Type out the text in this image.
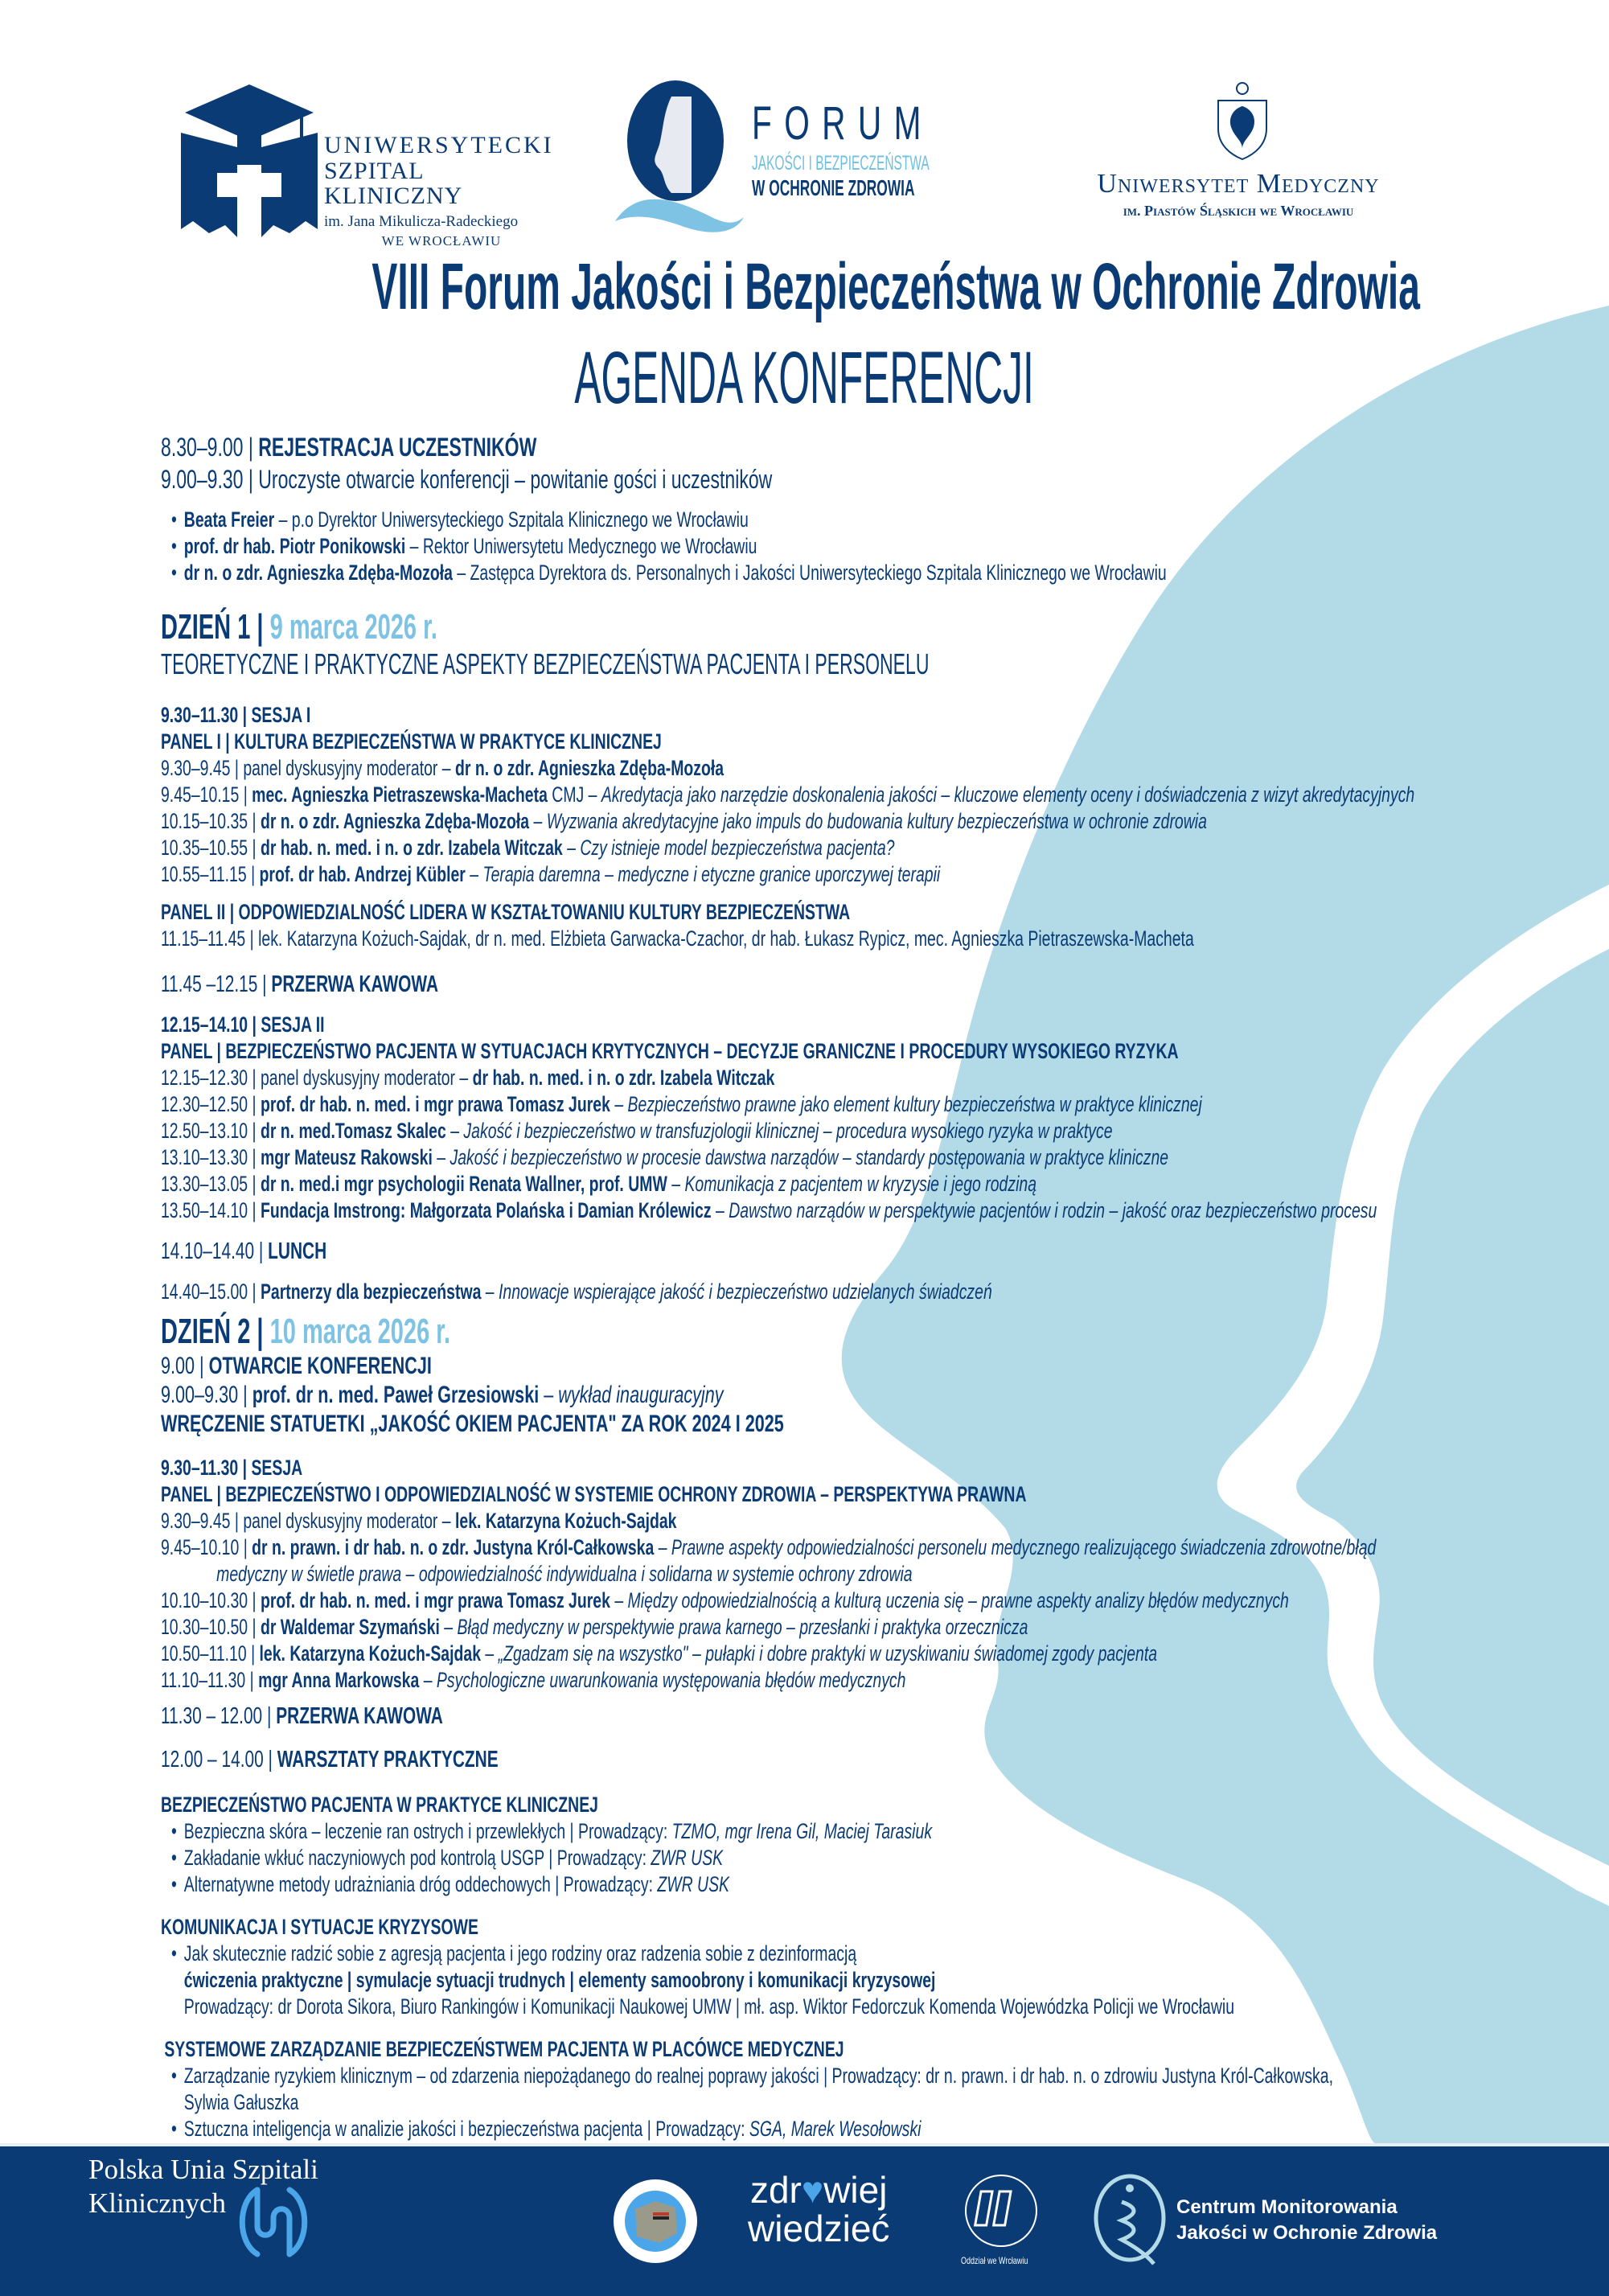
UNIWERSYTECKI
SZPITAL KLINICZNY
im. Jana Mikulicza-Radeckiego
WE WROCŁAWIU
FORUM
JAKOŚCI I BEZPIECZEŃSTWA
W OCHRONIE ZDROWIA	Uniwersytet Medyczny
im. Piastów Śląskich we Wrocławiu
VIII Forum Jakości i Bezpieczeństwa w Ochronie Zdrowia
AGENDA KONFERENCJI
8.30–9.00 | REJESTRACJA UCZESTNIKÓW
9.00–9.30 | Uroczyste otwarcie konferencji – powitanie gości i uczestników
• Beata Freier – p.o Dyrektor Uniwersyteckiego Szpitala Klinicznego we Wrocławiu
• prof. dr hab. Piotr Ponikowski – Rektor Uniwersytetu Medycznego we Wrocławiu
• dr n. o zdr. Agnieszka Zdęba-Mozoła – Zastępca Dyrektora ds. Personalnych i Jakości Uniwersyteckiego Szpitala Klinicznego we Wrocławiu
DZIEŃ 1 | 9 marca 2026 r.
TEORETYCZNE I PRAKTYCZNE ASPEKTY BEZPIECZEŃSTWA PACJENTA I PERSONELU
9.30–11.30 | SESJA I
PANEL I | KULTURA BEZPIECZEŃSTWA W PRAKTYCE KLINICZNEJ
9.30–9.45 | panel dyskusyjny moderator – dr n. o zdr. Agnieszka Zdęba-Mozoła
9.45–10.15 | mec. Agnieszka Pietraszewska-Macheta CMJ – Akredytacja jako narzędzie doskonalenia jakości – kluczowe elementy oceny i doświadczenia z wizyt akredytacyjnych
10.15–10.35 | dr n. o zdr. Agnieszka Zdęba-Mozoła – Wyzwania akredytacyjne jako impuls do budowania kultury bezpieczeństwa w ochronie zdrowia
10.35–10.55 | dr hab. n. med. i n. o zdr. Izabela Witczak – Czy istnieje model bezpieczeństwa pacjenta?
10.55–11.15 | prof. dr hab. Andrzej Kübler – Terapia daremna – medyczne i etyczne granice uporczywej terapii
PANEL II | ODPOWIEDZIALNOŚĆ LIDERA W KSZTAŁTOWANIU KULTURY BEZPIECZEŃSTWA
11.15–11.45 | lek. Katarzyna Kożuch-Sajdak, dr n. med. Elżbieta Garwacka-Czachor, dr hab. Łukasz Rypicz, mec. Agnieszka Pietraszewska-Macheta
11.45 –12.15 | PRZERWA KAWOWA
12.15–14.10 | SESJA II
PANEL | BEZPIECZEŃSTWO PACJENTA W SYTUACJACH KRYTYCZNYCH – DECYZJE GRANICZNE I PROCEDURY WYSOKIEGO RYZYKA
12.15–12.30 | panel dyskusyjny moderator – dr hab. n. med. i n. o zdr. Izabela Witczak
12.30–12.50 | prof. dr hab. n. med. i mgr prawa Tomasz Jurek – Bezpieczeństwo prawne jako element kultury bezpieczeństwa w praktyce klinicznej
12.50–13.10 | dr n. med.Tomasz Skalec – Jakość i bezpieczeństwo w transfuzjologii klinicznej – procedura wysokiego ryzyka w praktyce
13.10–13.30 | mgr Mateusz Rakowski – Jakość i bezpieczeństwo w procesie dawstwa narządów – standardy postępowania w praktyce kliniczne
13.30–13.05 | dr n. med.i mgr psychologii Renata Wallner, prof. UMW – Komunikacja z pacjentem w kryzysie i jego rodziną
13.50–14.10 | Fundacja Imstrong: Małgorzata Polańska i Damian Królewicz – Dawstwo narządów w perspektywie pacjentów i rodzin – jakość oraz bezpieczeństwo procesu
14.10–14.40 | LUNCH
14.40–15.00 | Partnerzy dla bezpieczeństwa – Innowacje wspierające jakość i bezpieczeństwo udzielanych świadczeń
DZIEŃ 2 | 10 marca 2026 r.
9.00 | OTWARCIE KONFERENCJI
9.00–9.30 | prof. dr n. med. Paweł Grzesiowski – wykład inauguracyjny
WRĘCZENIE STATUETKI „JAKOŚĆ OKIEM PACJENTA" ZA ROK 2024 I 2025
9.30–11.30 | SESJA
PANEL | BEZPIECZEŃSTWO I ODPOWIEDZIALNOŚĆ W SYSTEMIE OCHRONY ZDROWIA – PERSPEKTYWA PRAWNA
9.30–9.45 | panel dyskusyjny moderator – lek. Katarzyna Kożuch-Sajdak
9.45–10.10 | dr n. prawn. i dr hab. n. o zdr. Justyna Król-Całkowska – Prawne aspekty odpowiedzialności personelu medycznego realizującego świadczenia zdrowotne/błąd
medyczny w świetle prawa – odpowiedzialność indywidualna i solidarna w systemie ochrony zdrowia
10.10–10.30 | prof. dr hab. n. med. i mgr prawa Tomasz Jurek – Między odpowiedzialnością a kulturą uczenia się – prawne aspekty analizy błędów medycznych
10.30–10.50 | dr Waldemar Szymański – Błąd medyczny w perspektywie prawa karnego – przesłanki i praktyka orzecznicza
10.50–11.10 | lek. Katarzyna Kożuch-Sajdak – „Zgadzam się na wszystko" – pułapki i dobre praktyki w uzyskiwaniu świadomej zgody pacjenta
11.10–11.30 | mgr Anna Markowska – Psychologiczne uwarunkowania występowania błędów medycznych
11.30 – 12.00 | PRZERWA KAWOWA
12.00 – 14.00 | WARSZTATY PRAKTYCZNE
BEZPIECZEŃSTWO PACJENTA W PRAKTYCE KLINICZNEJ
• Bezpieczna skóra – leczenie ran ostrych i przewlekłych | Prowadzący: TZMO, mgr Irena Gil, Maciej Tarasiuk
• Zakładanie wkłuć naczyniowych pod kontrolą USGP | Prowadzący: ZWR USK
• Alternatywne metody udrażniania dróg oddechowych | Prowadzący: ZWR USK
KOMUNIKACJA I SYTUACJE KRYZYSOWE
• Jak skutecznie radzić sobie z agresją pacjenta i jego rodziny oraz radzenia sobie z dezinformacją
ćwiczenia praktyczne | symulacje sytuacji trudnych | elementy samoobrony i komunikacji kryzysowej
Prowadzący: dr Dorota Sikora, Biuro Rankingów i Komunikacji Naukowej UMW | mł. asp. Wiktor Fedorczuk Komenda Wojewódzka Policji we Wrocławiu
SYSTEMOWE ZARZĄDZANIE BEZPIECZEŃSTWEM PACJENTA W PLACÓWCE MEDYCZNEJ
• Zarządzanie ryzykiem klinicznym – od zdarzenia niepożądanego do realnej poprawy jakości | Prowadzący: dr n. prawn. i dr hab. n. o zdrowiu Justyna Król-Całkowska,
Sylwia Gałuszka
• Sztuczna inteligencja w analizie jakości i bezpieczeństwa pacjenta | Prowadzący: SGA, Marek Wesołowski
Polska Unia Szpitali
Klinicznych	zdr♥wiej
wiedzieć
Oddział we Wrcławiu
Centrum Monitorowania
Jakości w Ochronie Zdrowia
